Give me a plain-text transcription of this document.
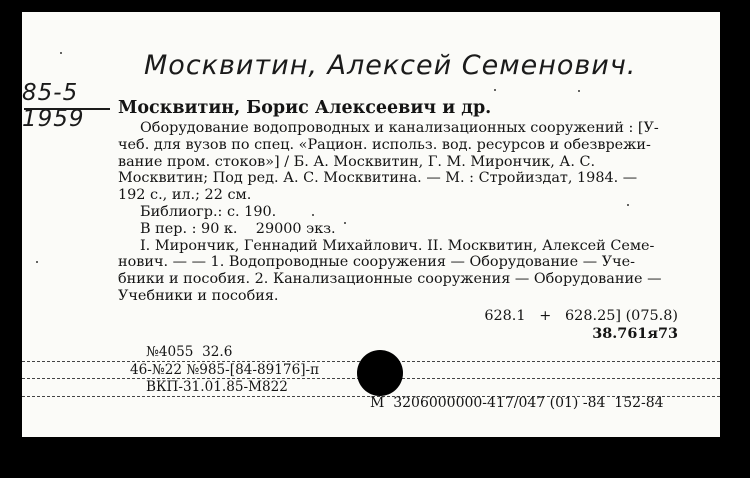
Москвитин, Алексей Семенович.
85-5
1959 Москвитин, Борис Алексеевич и др.

Оборудование водопроводных и канализационных сооружений : [У-

чеб. для вузов по спец. «Рацион. использ. вод. ресурсов и обезврежи-

вание пром. стоков»] / Б. А. Москвитин, Г. М. Мирончик, А. С.

Москвитин; Под ред. А. С. Москвитина. — М. : Стройиздат, 1984. —

192 с., ил.; 22 см.

Библиогр.: с. 190.

В пер. : 90 к.    29000 экз.

I. Мирончик, Геннадий Михайлович. II. Москвитин, Алексей Семе-

нович. — — 1. Водопроводные сооружения — Оборудование — Уче-

бники и пособия. 2. Канализационные сооружения — Оборудование —

Учебники и пособия.

628.1   +   628.25] (075.8)
38.761я73
№4055  32.6
46-№22 №985-[84-89176]-п
ВКП-31.01.85-М822
М  3206000000-417/047 (01) -84  152-84
